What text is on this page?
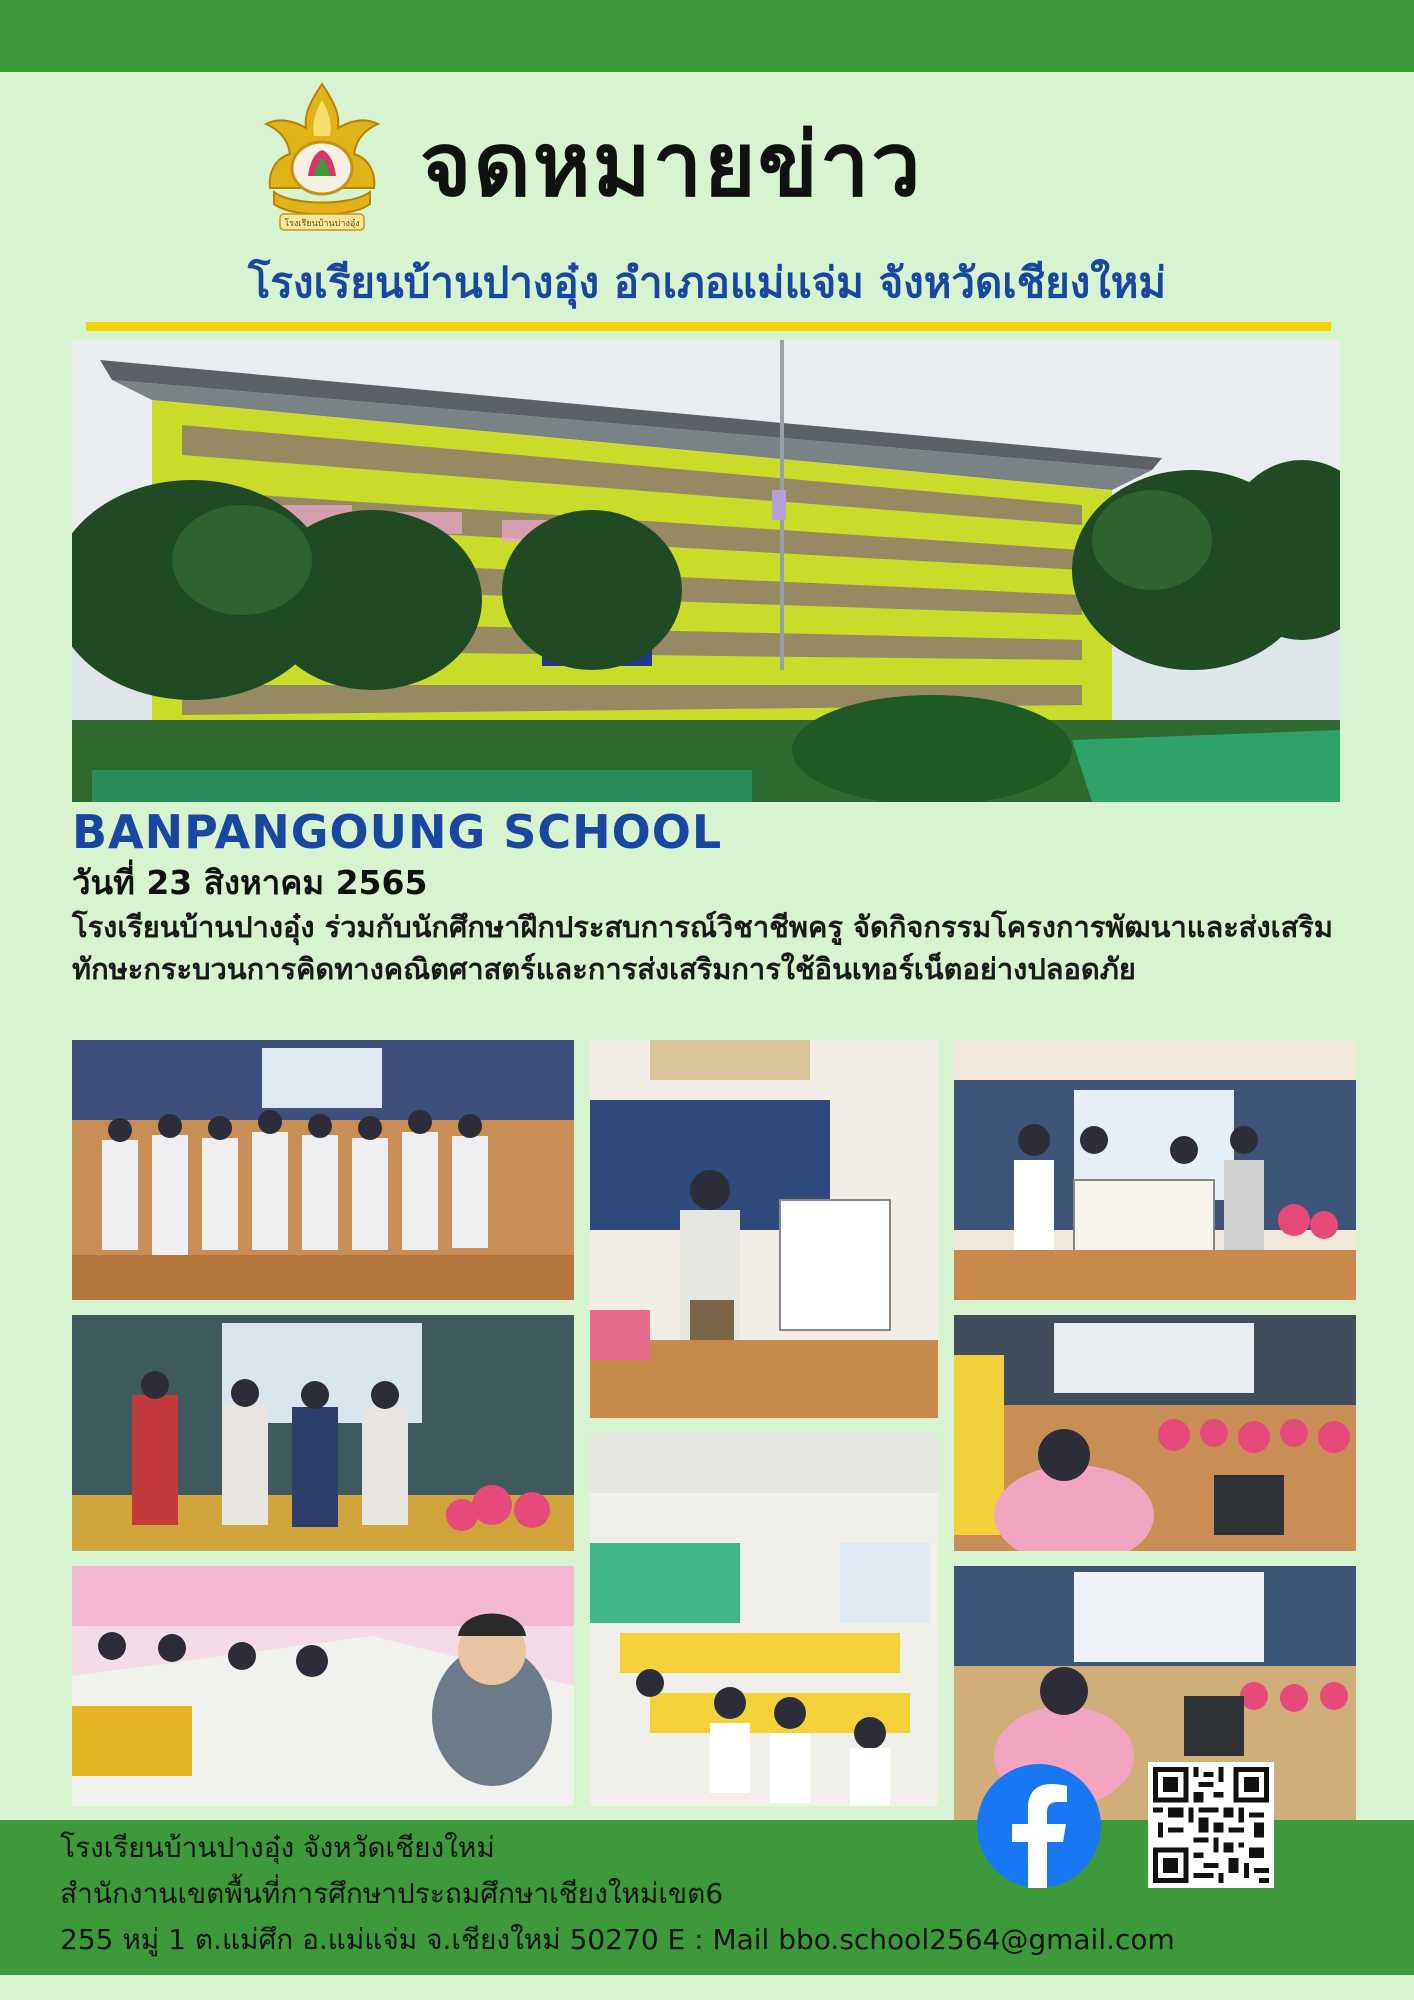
โรงเรียนบ้านปางอุ๋ง
จดหมายข่าว
โรงเรียนบ้านปางอุ๋ง อำเภอแม่แจ่ม จังหวัดเชียงใหม่
BANPANGOUNG SCHOOL
วันที่ 23 สิงหาคม 2565
โรงเรียนบ้านปางอุ๋ง ร่วมกับนักศึกษาฝึกประสบการณ์วิชาชีพครู จัดกิจกรรมโครงการพัฒนาและส่งเสริมทักษะกระบวนการคิดทางคณิตศาสตร์และการส่งเสริมการใช้อินเทอร์เน็ตอย่างปลอดภัย
โรงเรียนบ้านปางอุ๋ง จังหวัดเชียงใหม่
สำนักงานเขตพื้นที่การศึกษาประถมศึกษาเชียงใหม่เขต6
255 หมู่ 1 ต.แม่ศึก อ.แม่แจ่ม จ.เชียงใหม่ 50270 E : Mail bbo.school2564@gmail.com
